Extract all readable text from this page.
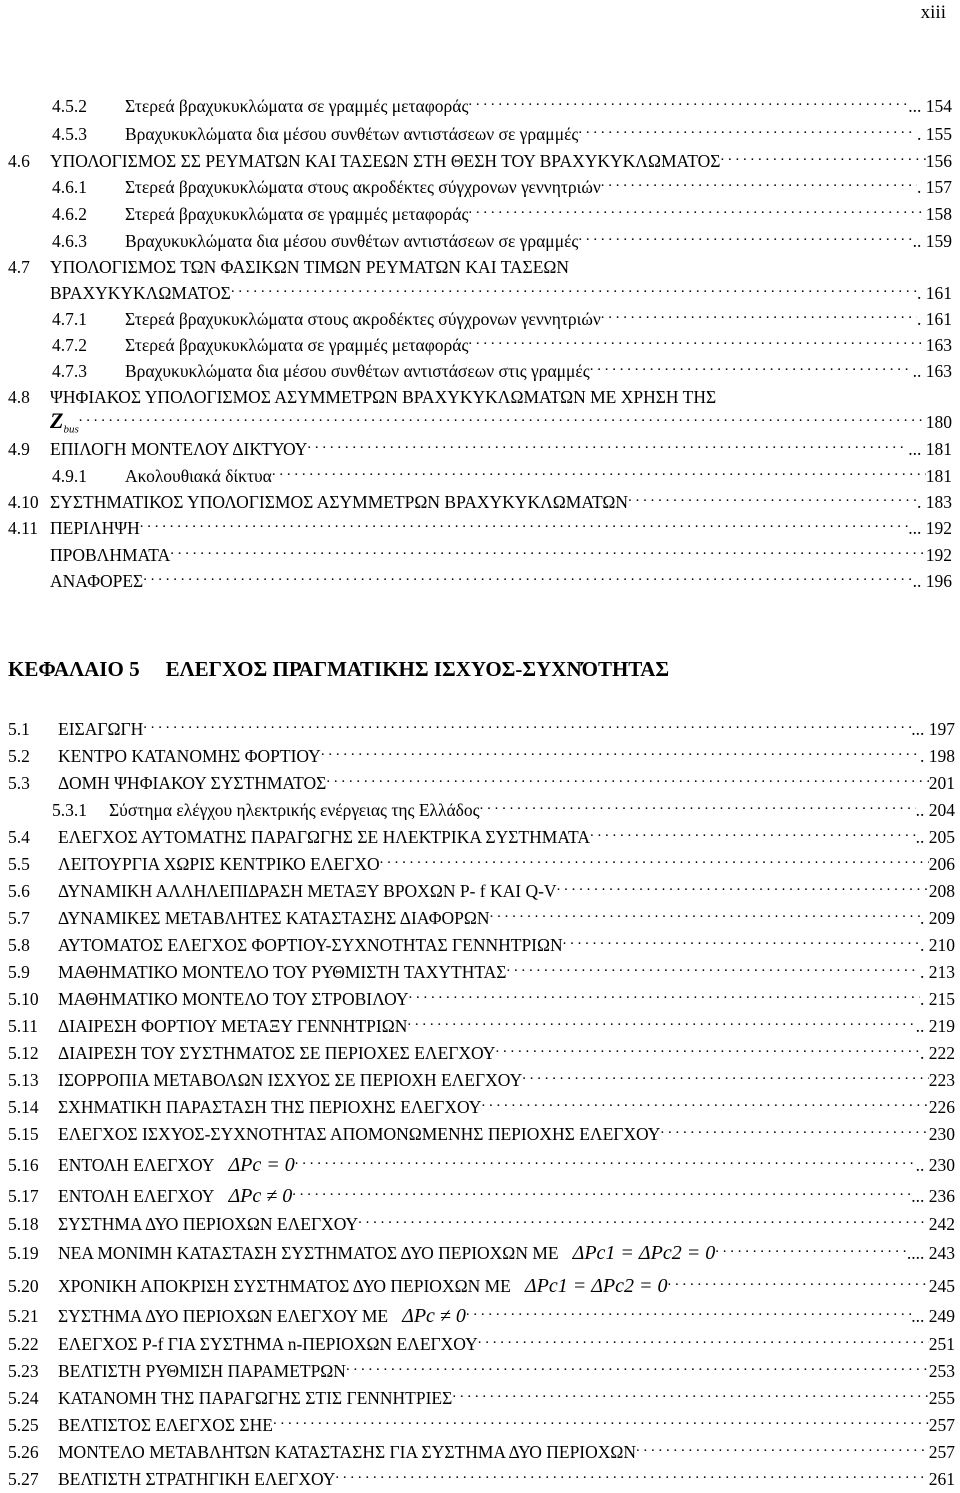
xiii
4.5.2	Στερεά βραχυκυκλώματα σε γραμμές μεταφοράς . . .	... 154
4.5.3	Βραχυκυκλώματα δια μέσου συνθέτων αντιστάσεων σε γραμμές . . .	. 155
4.6	ΥΠΟΛΟΓΙΣΜΟΣ ΣΣ ΡΕΥΜΑΤΩΝ ΚΑΙ ΤΑΣΕΩΝ ΣΤΗ ΘΕΣΗ ΤΟΥ ΒΡΑΧΥΚΥΚΛΩΜΑΤΟΣ . . .	156
4.6.1	Στερεά βραχυκυκλώματα στους ακροδέκτες σύγχρονων γεννητριών . . .	. 157
4.6.2	Στερεά βραχυκυκλώματα σε γραμμές μεταφοράς . . .	158
4.6.3	Βραχυκυκλώματα δια μέσου συνθέτων αντιστάσεων σε γραμμές . . .	.. 159
4.7	ΥΠΟΛΟΓΙΣΜΟΣ ΤΩΝ ΦΑΣΙΚΩΝ ΤΙΜΩΝ ΡΕΥΜΑΤΩΝ ΚΑΙ ΤΑΣΕΩΝ
ΒΡΑΧΥΚΥΚΛΩΜΑΤΟΣ . . .	. 161
4.7.1	Στερεά βραχυκυκλώματα στους ακροδέκτες σύγχρονων γεννητριών . . .	. 161
4.7.2	Στερεά βραχυκυκλώματα σε γραμμές μεταφοράς . . .	163
4.7.3	Βραχυκυκλώματα δια μέσου συνθέτων αντιστάσεων στις γραμμές . . .	.. 163
4.8	ΨΗΦΙΑΚΟΣ ΥΠΟΛΟΓΙΣΜΟΣ ΑΣΥΜΜΕΤΡΩΝ ΒΡΑΧΥΚΥΚΛΩΜΑΤΩΝ ΜΕ ΧΡΗΣΗ ΤΗΣ
$Z_{bus}$ . . .	180
4.9	ΕΠΙΛΟΓΗ ΜΟΝΤΕΛΟΥ ΔΙΚΤΥΟΥ . . .	... 181
4.9.1	Ακολουθιακά δίκτυα . . .	181
4.10 ΣΥΣΤΗΜΑΤΙΚΟΣ ΥΠΟΛΟΓΙΣΜΟΣ ΑΣΥΜΜΕΤΡΩΝ ΒΡΑΧΥΚΥΚΛΩΜΑΤΩΝ . . .	. 183
4.11 ΠΕΡΙΛΗΨΗ . . .	... 192
ΠΡΟΒΛΗΜΑΤΑ . . .	192
ΑΝΑΦΟΡΕΣ . . .	.. 196
ΚΕΦΑΛΑΙΟ 5 ΕΛΕΓΧΟΣ ΠΡΑΓΜΑΤΙΚΗΣ ΙΣΧΥΟΣ-ΣΥΧΝΌΤΗΤΑΣ
5.1	ΕΙΣΑΓΩΓΗ . . .	... 197
5.2	ΚΕΝΤΡΟ ΚΑΤΑΝΟΜΗΣ ΦΟΡΤΙΟΥ . . .	. 198
5.3	ΔΟΜΗ ΨΗΦΙΑΚΟΥ ΣΥΣΤΗΜΑΤΟΣ . . .	201
5.3.1	Σύστημα ελέγχου ηλεκτρικής ενέργειας της Ελλάδος . . .	.. 204
5.4	ΕΛΕΓΧΟΣ ΑΥΤΟΜΑΤΗΣ ΠΑΡΑΓΩΓΗΣ ΣΕ ΗΛΕΚΤΡΙΚΑ ΣΥΣΤΗΜΑΤΑ . . .	.. 205
5.5	ΛΕΙΤΟΥΡΓΙΑ ΧΩΡΙΣ ΚΕΝΤΡΙΚΟ ΕΛΕΓΧΟ . . .	206
5.6	ΔΥΝΑΜΙΚΗ ΑΛΛΗΛΕΠΙΔΡΑΣΗ ΜΕΤΑΞΥ ΒΡΟΧΩΝ P- f ΚΑΙ Q-V . . .	208
5.7	ΔΥΝΑΜΙΚΕΣ ΜΕΤΑΒΛΗΤΕΣ ΚΑΤΑΣΤΑΣΗΣ ΔΙΑΦΟΡΩΝ . . .	. 209
5.8	ΑΥΤΟΜΑΤΟΣ ΕΛΕΓΧΟΣ ΦΟΡΤΙΟΥ-ΣΥΧΝΟΤΗΤΑΣ ΓΕΝΝΗΤΡΙΩΝ . . .	. 210
5.9	ΜΑΘΗΜΑΤΙΚΟ ΜΟΝΤΕΛΟ ΤΟΥ ΡΥΘΜΙΣΤΗ ΤΑΧΥΤΗΤΑΣ . . .	. 213
5.10	ΜΑΘΗΜΑΤΙΚΟ ΜΟΝΤΕΛΟ ΤΟΥ ΣΤΡΟΒΙΛΟΥ . . .	. 215
5.11	ΔΙΑΙΡΕΣΗ ΦΟΡΤΙΟΥ ΜΕΤΑΞΥ ΓΕΝΝΗΤΡΙΩΝ . . .	.. 219
5.12	ΔΙΑΙΡΕΣΗ ΤΟΥ ΣΥΣΤΗΜΑΤΟΣ ΣΕ ΠΕΡΙΟΧΕΣ ΕΛΕΓΧΟΥ . . .	. 222
5.13	ΙΣΟΡΡΟΠΙΑ ΜΕΤΑΒΟΛΩΝ ΙΣΧΥΟΣ ΣΕ ΠΕΡΙΟΧΗ ΕΛΕΓΧΟΥ . . .	223
5.14	ΣΧΗΜΑΤΙΚΗ ΠΑΡΑΣΤΑΣΗ ΤΗΣ ΠΕΡΙΟΧΗΣ ΕΛΕΓΧΟΥ . . .	226
5.15	ΕΛΕΓΧΟΣ ΙΣΧΥΟΣ-ΣΥΧΝΟΤΗΤΑΣ ΑΠΟΜΟΝΩΜΕΝΗΣ ΠΕΡΙΟΧΗΣ ΕΛΕΓΧΟΥ . . .	230
5.16	ΕΝΤΟΛΗ ΕΛΕΓΧΟΥ ΔPc = 0 . . .	.. 230
5.17	ΕΝΤΟΛΗ ΕΛΕΓΧΟΥ ΔPc ≠ 0 . . .	... 236
5.18	ΣΥΣΤΗΜΑ ΔΥΟ ΠΕΡΙΟΧΩΝ ΕΛΕΓΧΟΥ . . .	242
5.19	ΝΕΑ ΜΟΝΙΜΗ ΚΑΤΑΣΤΑΣΗ ΣΥΣΤΗΜΑΤΟΣ ΔΥΟ ΠΕΡΙΟΧΩΝ ΜΕ ΔPc1 = ΔPc2 = 0 . . .	.... 243
5.20	ΧΡΟΝΙΚΗ ΑΠΟΚΡΙΣΗ ΣΥΣΤΗΜΑΤΟΣ ΔΥΟ ΠΕΡΙΟΧΩΝ ΜΕ ΔPc1 = ΔPc2 = 0 . . .	245
5.21	ΣΥΣΤΗΜΑ ΔΥΟ ΠΕΡΙΟΧΩΝ ΕΛΕΓΧΟΥ ΜΕ ΔPc ≠ 0 . . .	... 249
5.22	ΕΛΕΓΧΟΣ P-f ΓΙΑ ΣΥΣΤΗΜΑ n-ΠΕΡΙΟΧΩΝ ΕΛΕΓΧΟΥ . . .	251
5.23	ΒΕΛΤΙΣΤΗ ΡΥΘΜΙΣΗ ΠΑΡΑΜΕΤΡΩΝ . . .	253
5.24	ΚΑΤΑΝΟΜΗ ΤΗΣ ΠΑΡΑΓΩΓΗΣ ΣΤΙΣ ΓΕΝΝΗΤΡΙΕΣ . . .	255
5.25	ΒΕΛΤΙΣΤΟΣ ΕΛΕΓΧΟΣ ΣΗΕ . . .	257
5.26	ΜΟΝΤΕΛΟ ΜΕΤΑΒΛΗΤΩΝ ΚΑΤΑΣΤΑΣΗΣ ΓΙΑ ΣΥΣΤΗΜΑ ΔΥΟ ΠΕΡΙΟΧΩΝ . . .	257
5.27	ΒΕΛΤΙΣΤΗ ΣΤΡΑΤΗΓΙΚΗ ΕΛΕΓΧΟΥ . . .	261
